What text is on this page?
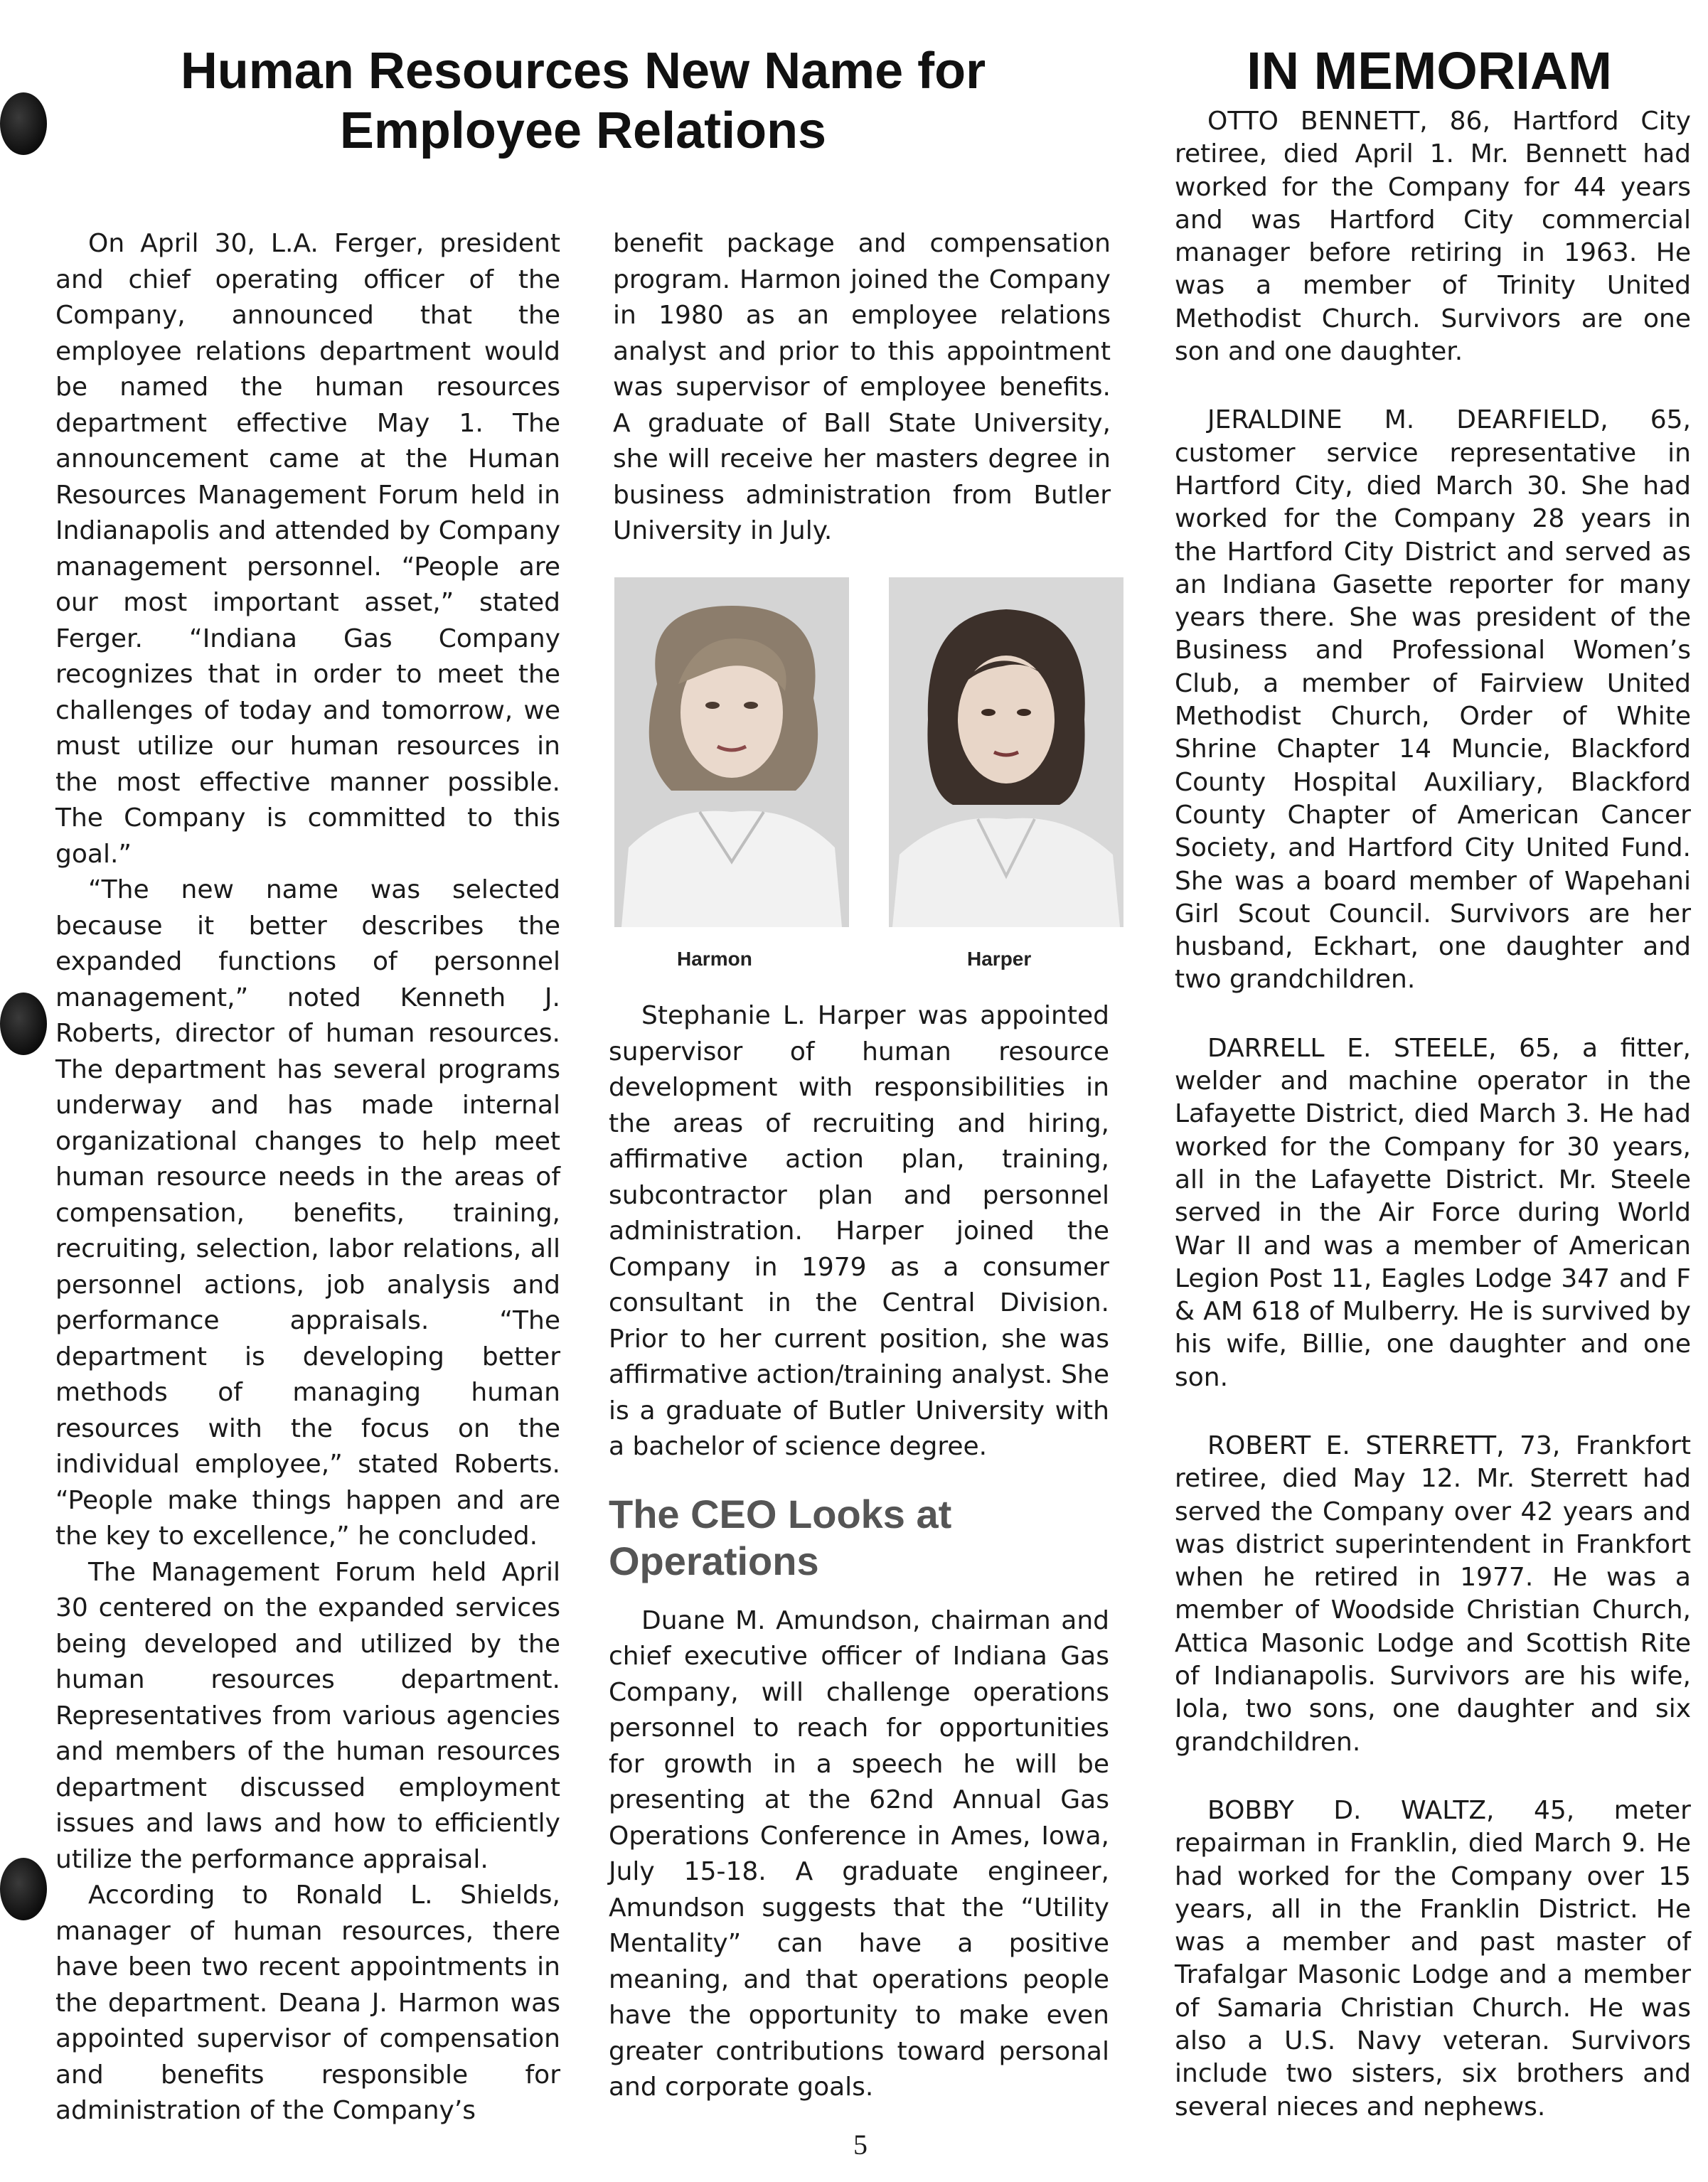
Human Resources New Name for Employee Relations

On April 30, L.A. Ferger, president and chief operating officer of the Company, announced that the employee relations department would be named the human resources department effective May 1. The announcement came at the Human Resources Management Forum held in Indianapolis and attended by Company management personnel. “People are our most important asset,” stated Ferger. “Indiana Gas Company recognizes that in order to meet the challenges of today and tomorrow, we must utilize our human resources in the most effective manner possible. The Company is committed to this goal.”

“The new name was selected because it better describes the expanded functions of personnel management,” noted Kenneth J. Roberts, director of human resources. The department has several programs underway and has made internal organizational changes to help meet human resource needs in the areas of compensation, benefits, training, recruiting, selection, labor relations, all personnel actions, job analysis and performance appraisals. “The department is developing better methods of managing human resources with the focus on the individual employee,” stated Roberts. “People make things happen and are the key to excellence,” he concluded.

The Management Forum held April 30 centered on the expanded services being developed and utilized by the human resources department. Representatives from various agencies and members of the human resources department discussed employment issues and laws and how to efficiently utilize the performance appraisal.

According to Ronald L. Shields, manager of human resources, there have been two recent appointments in the department. Deana J. Harmon was appointed supervisor of compensation and benefits responsible for administration of the Company’s

benefit package and compensation program. Harmon joined the Company in 1980 as an employee relations analyst and prior to this appointment was supervisor of employee benefits. A graduate of Ball State University, she will receive her masters degree in business administration from Butler University in July.

Harmon	Harper

Stephanie L. Harper was appointed supervisor of human resource development with responsibilities in the areas of recruiting and hiring, affirmative action plan, training, subcontractor plan and personnel administration. Harper joined the Company in 1979 as a consumer consultant in the Central Division. Prior to her current position, she was affirmative action/training analyst. She is a graduate of Butler University with a bachelor of science degree.

The CEO Looks at Operations

Duane M. Amundson, chairman and chief executive officer of Indiana Gas Company, will challenge operations personnel to reach for opportunities for growth in a speech he will be presenting at the 62nd Annual Gas Operations Conference in Ames, Iowa, July 15-18. A graduate engineer, Amundson suggests that the “Utility Mentality” can have a positive meaning, and that operations people have the opportunity to make even greater contributions toward personal and corporate goals.

IN MEMORIAM

OTTO BENNETT, 86, Hartford City retiree, died April 1. Mr. Bennett had worked for the Company for 44 years and was Hartford City commercial manager before retiring in 1963. He was a member of Trinity United Methodist Church. Survivors are one son and one daughter.

JERALDINE M. DEARFIELD, 65, customer service representative in Hartford City, died March 30. She had worked for the Company 28 years in the Hartford City District and served as an Indiana Gasette reporter for many years there. She was president of the Business and Professional Women’s Club, a member of Fairview United Methodist Church, Order of White Shrine Chapter 14 Muncie, Blackford County Hospital Auxiliary, Blackford County Chapter of American Cancer Society, and Hartford City United Fund. She was a board member of Wapehani Girl Scout Council. Survivors are her husband, Eckhart, one daughter and two grandchildren.

DARRELL E. STEELE, 65, a fitter, welder and machine operator in the Lafayette District, died March 3. He had worked for the Company for 30 years, all in the Lafayette District. Mr. Steele served in the Air Force during World War II and was a member of American Legion Post 11, Eagles Lodge 347 and F & AM 618 of Mulberry. He is survived by his wife, Billie, one daughter and one son.

ROBERT E. STERRETT, 73, Frankfort retiree, died May 12. Mr. Sterrett had served the Company over 42 years and was district superintendent in Frankfort when he retired in 1977. He was a member of Woodside Christian Church, Attica Masonic Lodge and Scottish Rite of Indianapolis. Survivors are his wife, Iola, two sons, one daughter and six grandchildren.

BOBBY D. WALTZ, 45, meter repairman in Franklin, died March 9. He had worked for the Company over 15 years, all in the Franklin District. He was a member and past master of Trafalgar Masonic Lodge and a member of Samaria Christian Church. He was also a U.S. Navy veteran. Survivors include two sisters, six brothers and several nieces and nephews.

5
